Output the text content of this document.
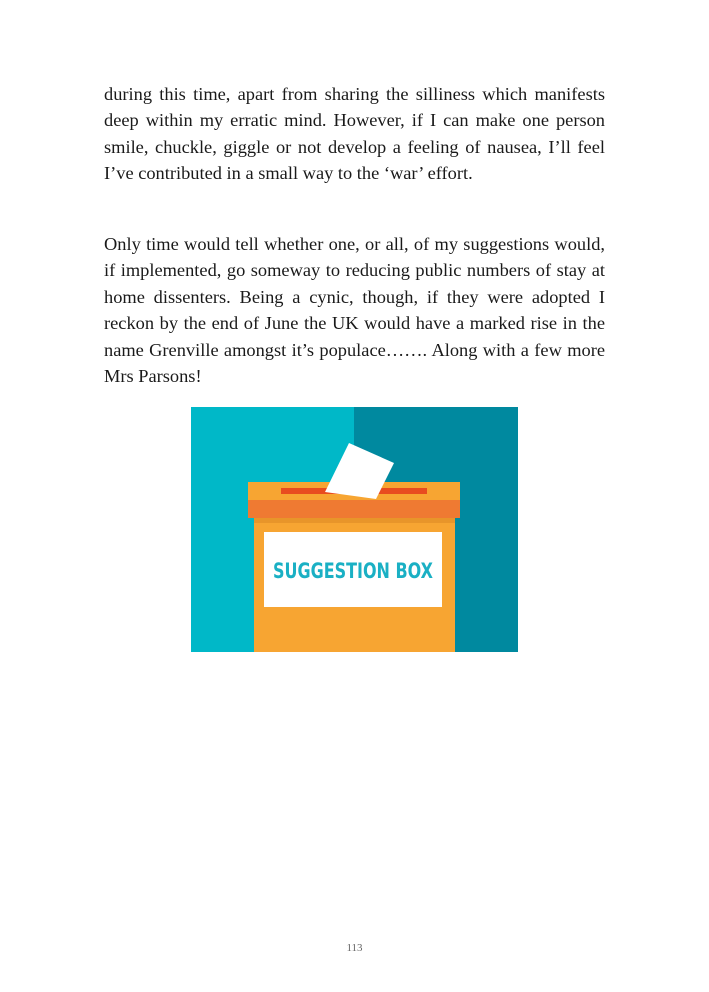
during this time, apart from sharing the silliness which manifests deep within my erratic mind. However, if I can make one person smile, chuckle, giggle or not develop a feeling of nausea, I’ll feel I’ve contributed in a small way to the ‘war’ effort.

Only time would tell whether one, or all, of my suggestions would, if implemented, go someway to reducing public numbers of stay at home dissenters. Being a cynic, though, if they were adopted I reckon by the end of June the UK would have a marked rise in the name Grenville amongst it’s populace……. Along with a few more Mrs Parsons!

SUGGESTION BOX
113
